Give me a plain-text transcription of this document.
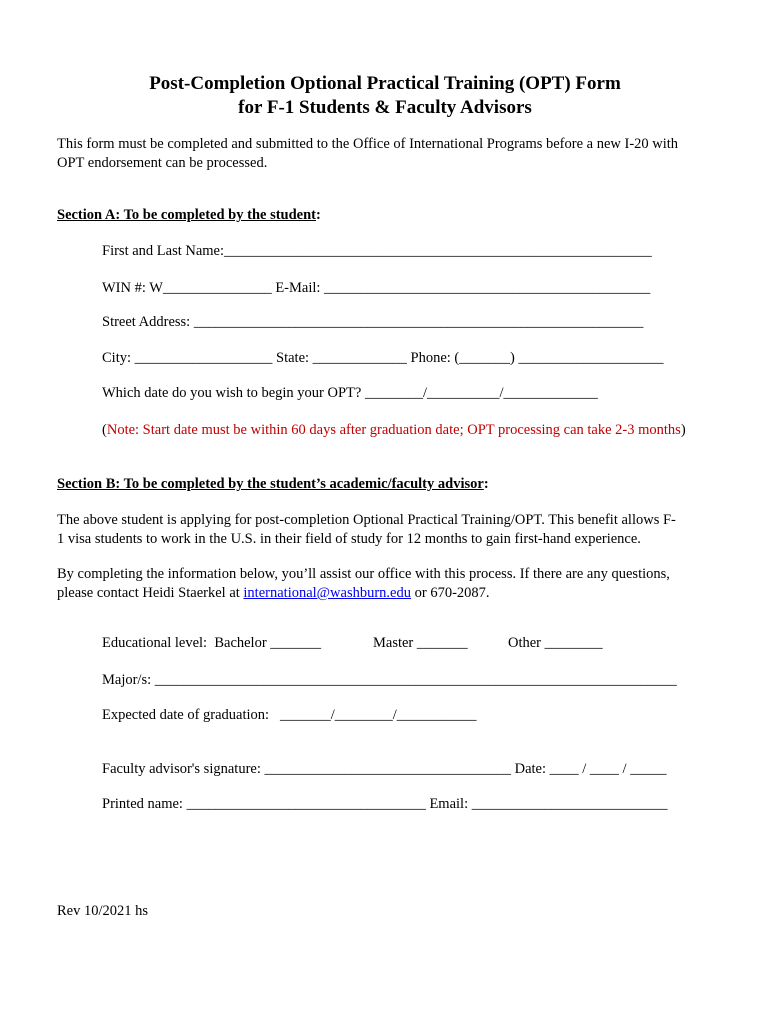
Post-Completion Optional Practical Training (OPT) Form
for F-1 Students & Faculty Advisors
This form must be completed and submitted to the Office of International Programs before a new I-20 with
OPT endorsement can be processed.
Section A: To be completed by the student:
First and Last Name:___________________________________________________________
WIN #: W_______________ E-Mail: _____________________________________________
Street Address: ______________________________________________________________
City: ___________________ State: _____________ Phone: (_______) ____________________
Which date do you wish to begin your OPT? ________/__________/_____________
(Note: Start date must be within 60 days after graduation date; OPT processing can take 2-3 months)
Section B: To be completed by the student’s academic/faculty advisor:
The above student is applying for post-completion Optional Practical Training/OPT. This benefit allows F-
1 visa students to work in the U.S. in their field of study for 12 months to gain first-hand experience.
By completing the information below, you’ll assist our office with this process. If there are any questions,
please contact Heidi Staerkel at international@washburn.edu or 670-2087.
Educational level:  Bachelor _______	Master _______	Other ________
Major/s: ________________________________________________________________________
Expected date of graduation:   _______/________/___________
Faculty advisor's signature: __________________________________ Date: ____ / ____ / _____
Printed name: _________________________________ Email: ___________________________
Rev 10/2021 hs
